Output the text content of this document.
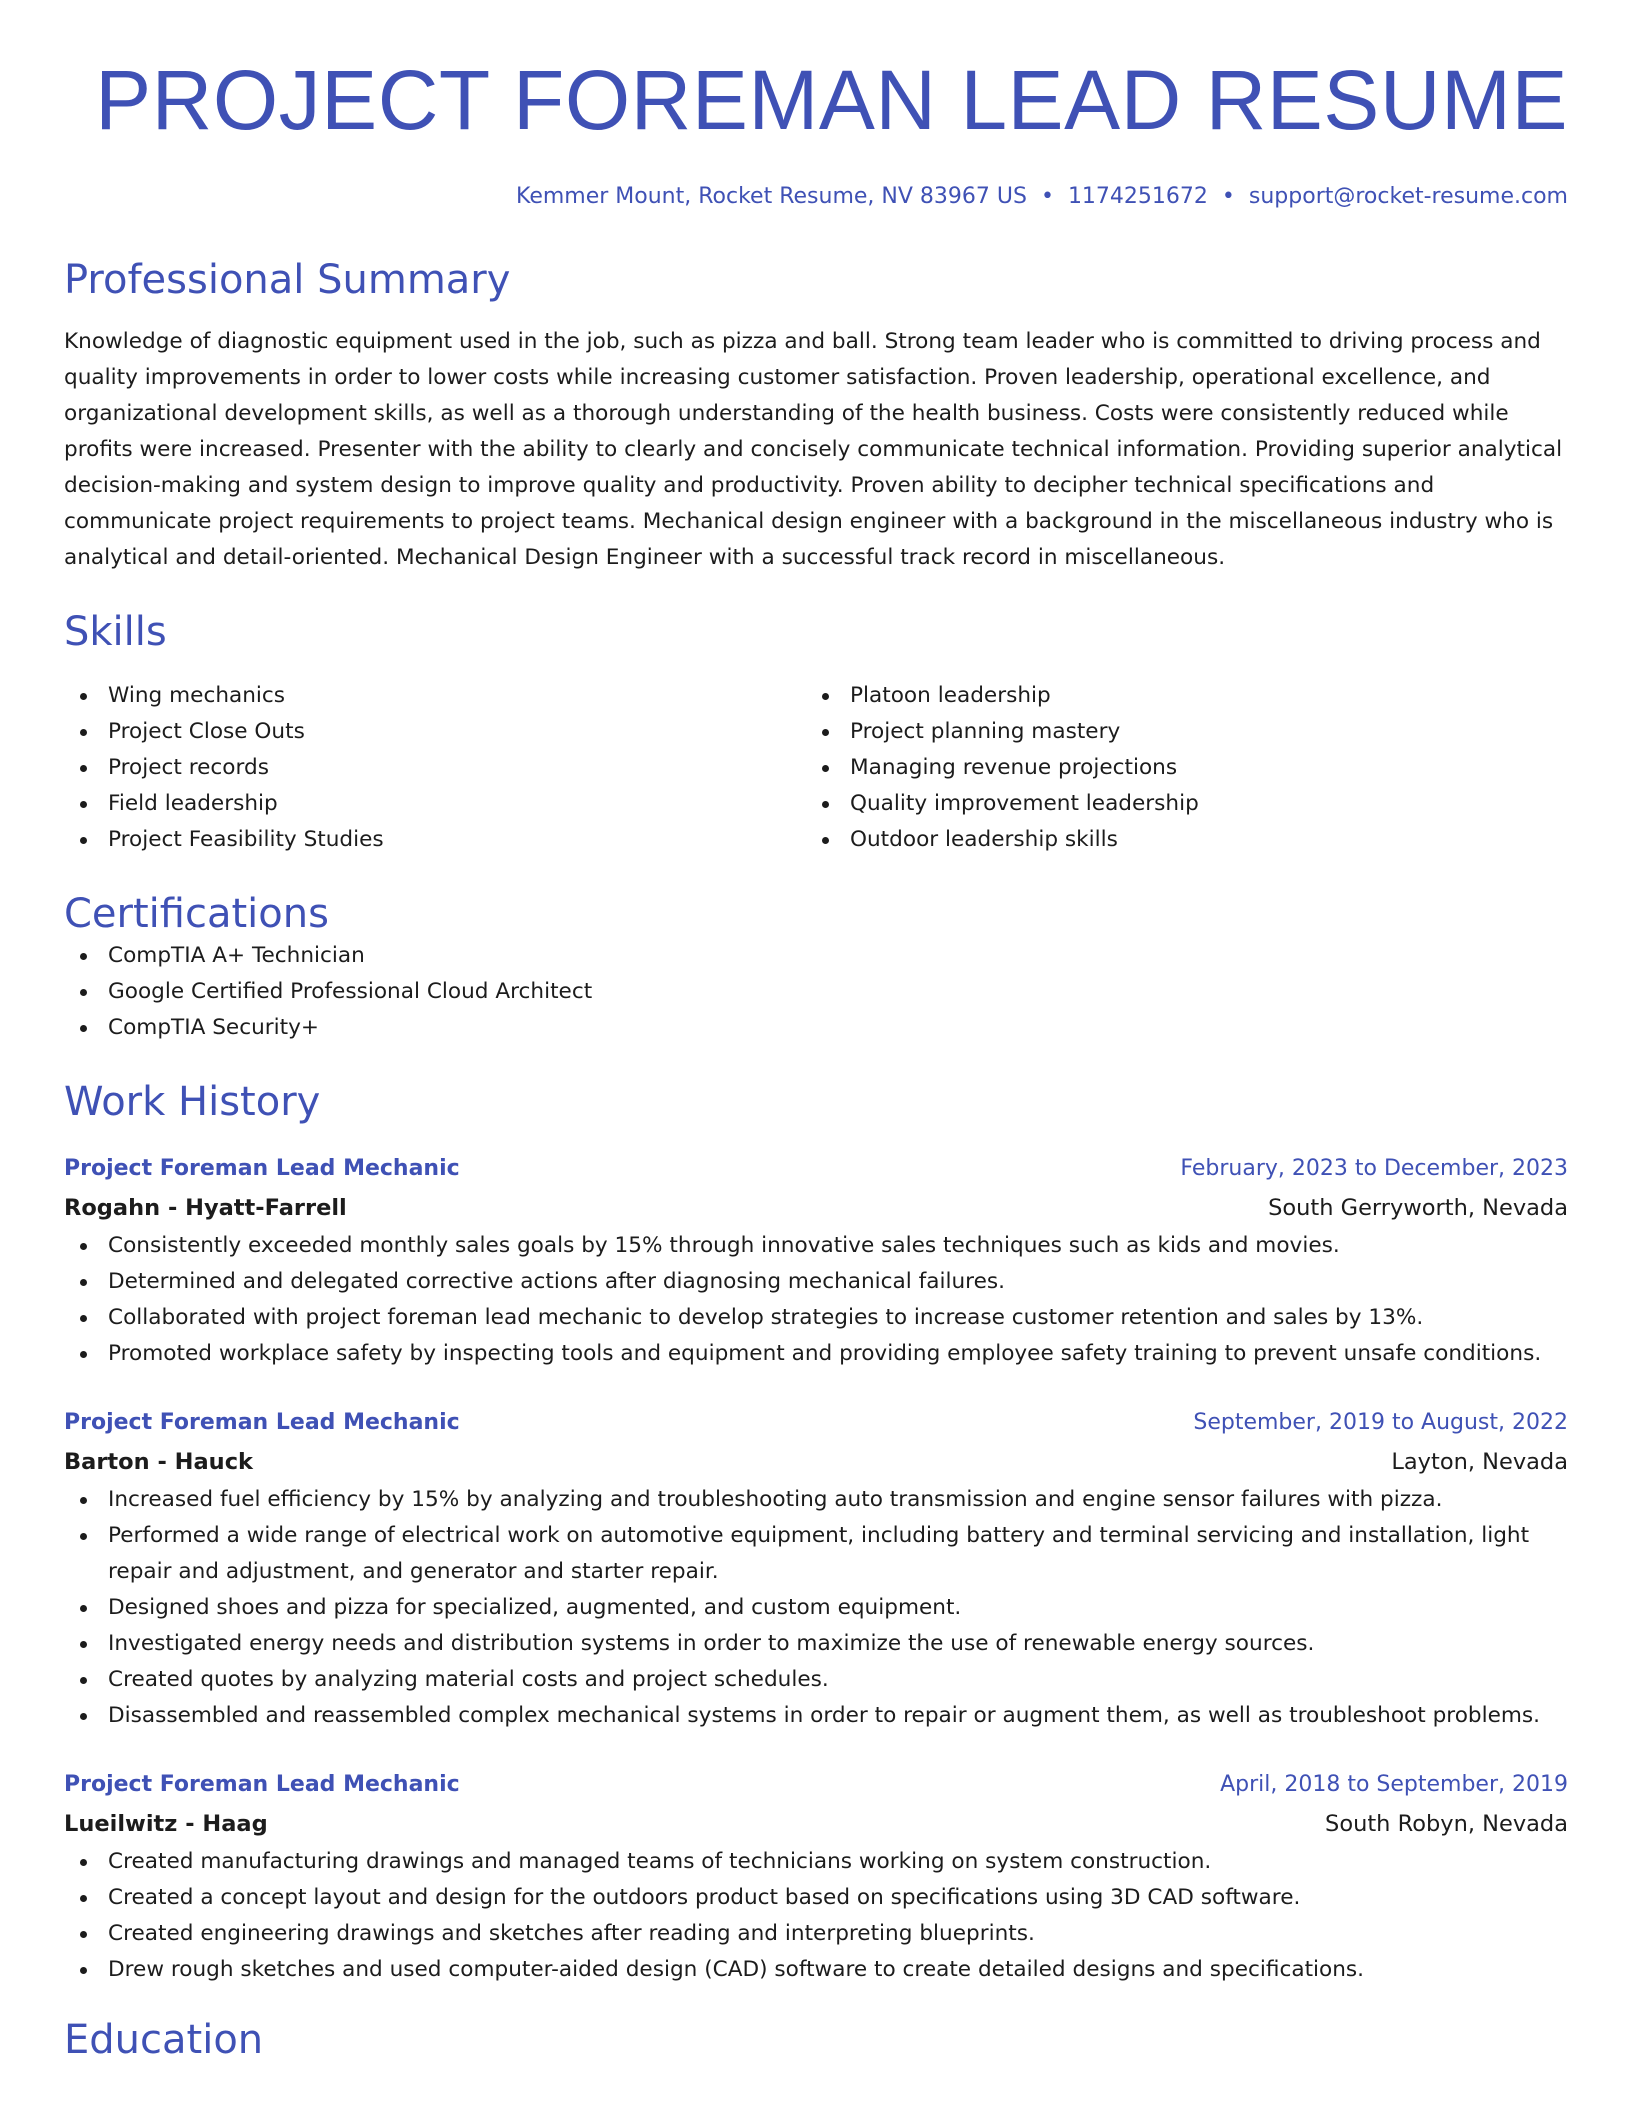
PROJECT FOREMAN LEAD RESUME
Kemmer Mount, Rocket Resume, NV 83967 US • 1174251672 • support@rocket-resume.com
Professional Summary
Knowledge of diagnostic equipment used in the job, such as pizza and ball. Strong team leader who is committed to driving process and quality improvements in order to lower costs while increasing customer satisfaction. Proven leadership, operational excellence, and organizational development skills, as well as a thorough understanding of the health business. Costs were consistently reduced while profits were increased. Presenter with the ability to clearly and concisely communicate technical information. Providing superior analytical decision-making and system design to improve quality and productivity. Proven ability to decipher technical specifications and communicate project requirements to project teams. Mechanical design engineer with a background in the miscellaneous industry who is analytical and detail-oriented. Mechanical Design Engineer with a successful track record in miscellaneous.
Skills
Wing mechanics
Project Close Outs
Project records
Field leadership
Project Feasibility Studies
Platoon leadership
Project planning mastery
Managing revenue projections
Quality improvement leadership
Outdoor leadership skills
Certifications
CompTIA A+ Technician
Google Certified Professional Cloud Architect
CompTIA Security+
Work History
Project Foreman Lead Mechanic	February, 2023 to December, 2023
Rogahn - Hyatt-Farrell	South Gerryworth, Nevada
Consistently exceeded monthly sales goals by 15% through innovative sales techniques such as kids and movies.
Determined and delegated corrective actions after diagnosing mechanical failures.
Collaborated with project foreman lead mechanic to develop strategies to increase customer retention and sales by 13%.
Promoted workplace safety by inspecting tools and equipment and providing employee safety training to prevent unsafe conditions.
Project Foreman Lead Mechanic	September, 2019 to August, 2022
Barton - Hauck	Layton, Nevada
Increased fuel efficiency by 15% by analyzing and troubleshooting auto transmission and engine sensor failures with pizza.
Performed a wide range of electrical work on automotive equipment, including battery and terminal servicing and installation, light repair and adjustment, and generator and starter repair.
Designed shoes and pizza for specialized, augmented, and custom equipment.
Investigated energy needs and distribution systems in order to maximize the use of renewable energy sources.
Created quotes by analyzing material costs and project schedules.
Disassembled and reassembled complex mechanical systems in order to repair or augment them, as well as troubleshoot problems.
Project Foreman Lead Mechanic	April, 2018 to September, 2019
Lueilwitz - Haag	South Robyn, Nevada
Created manufacturing drawings and managed teams of technicians working on system construction.
Created a concept layout and design for the outdoors product based on specifications using 3D CAD software.
Created engineering drawings and sketches after reading and interpreting blueprints.
Drew rough sketches and used computer-aided design (CAD) software to create detailed designs and specifications.
Education
